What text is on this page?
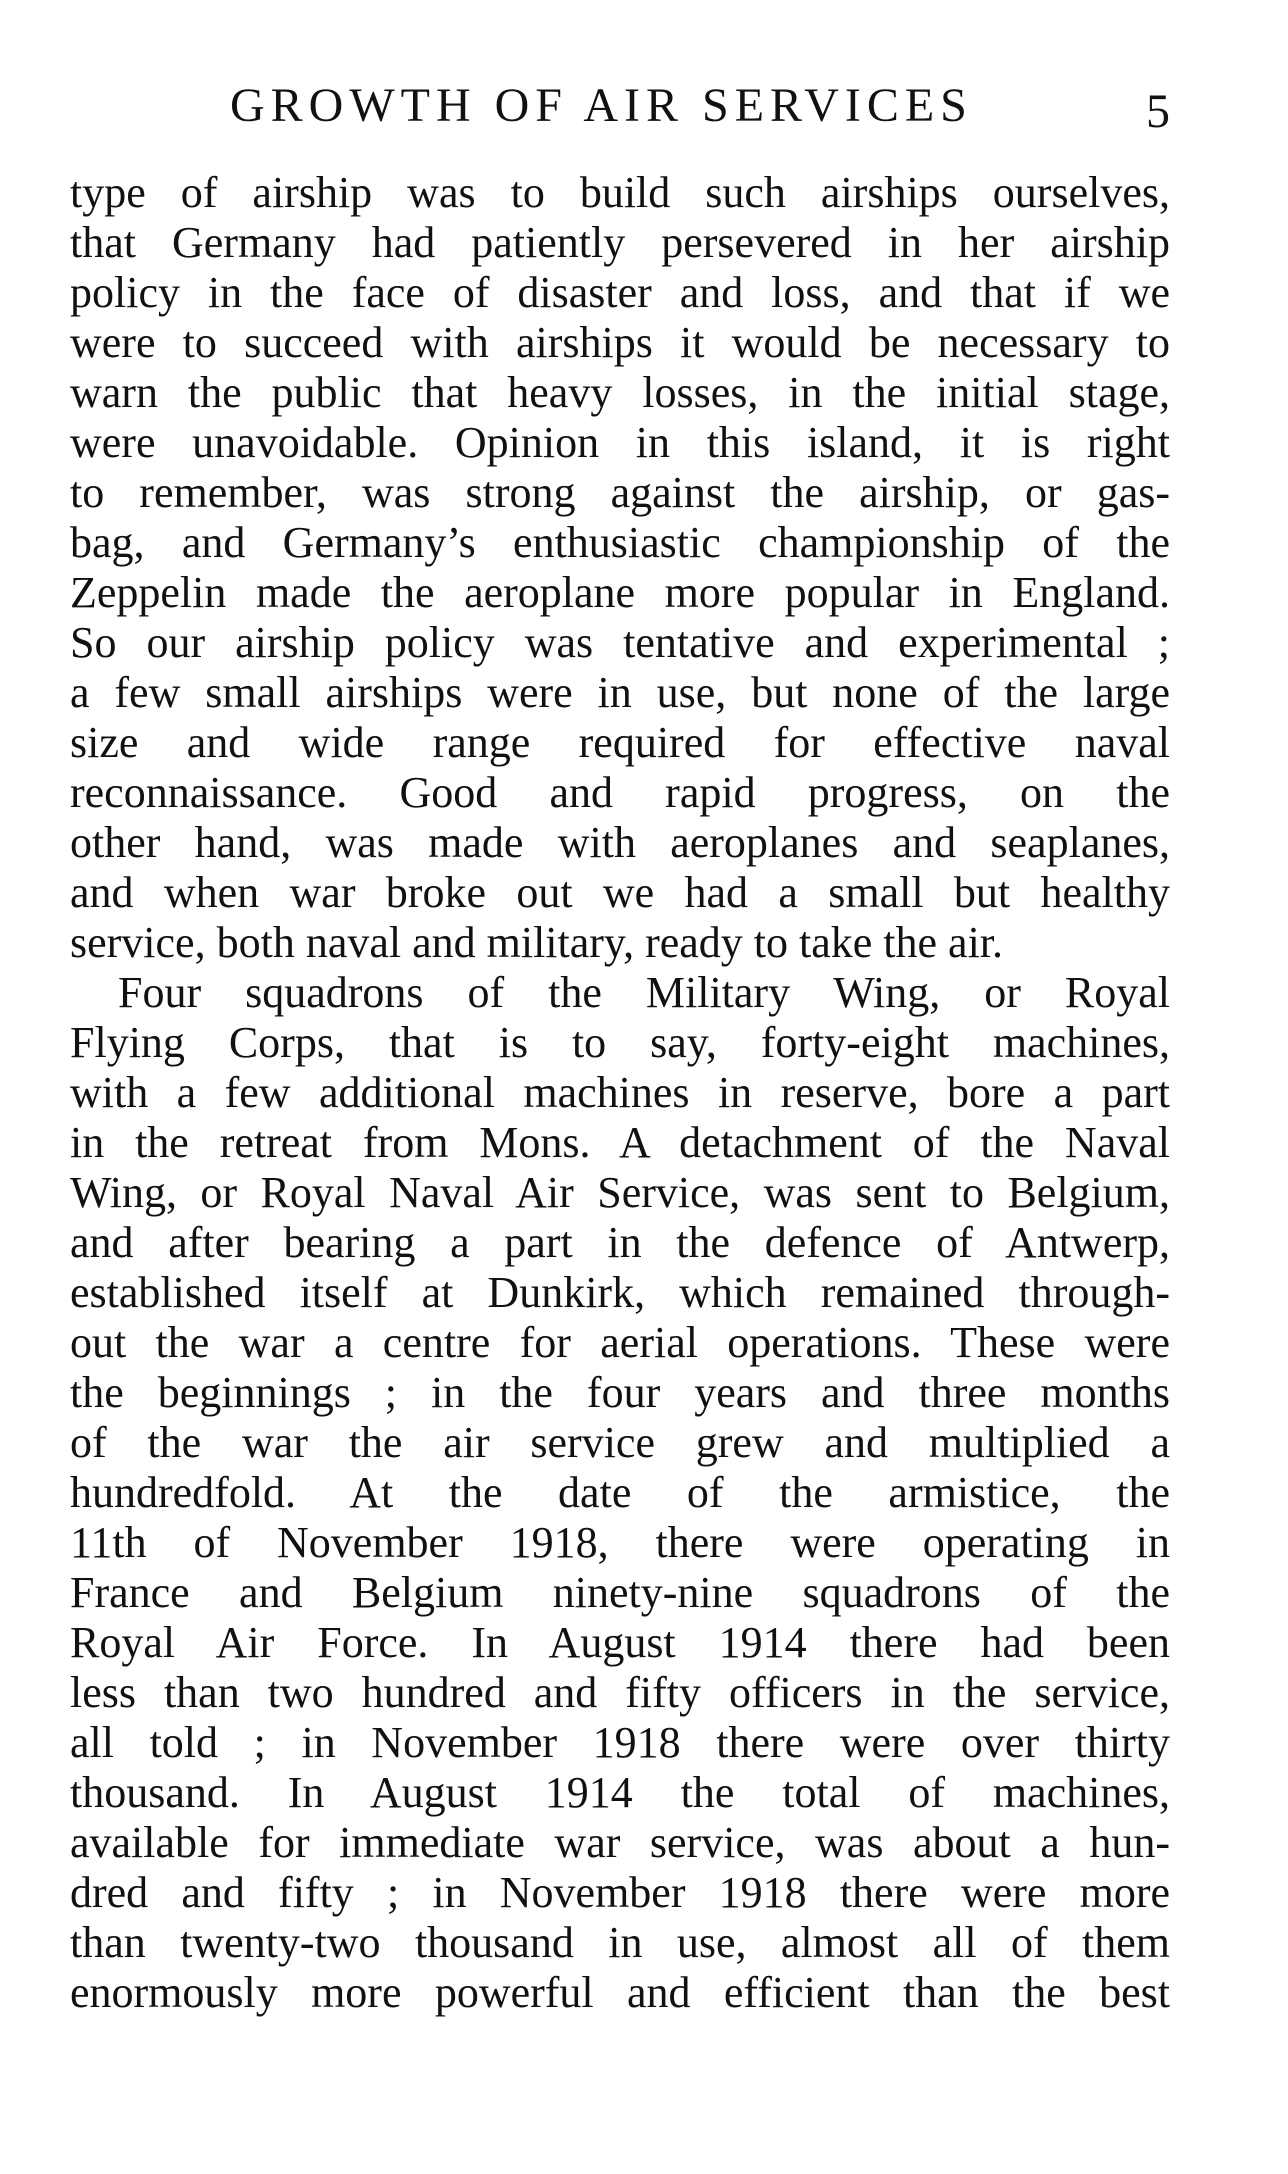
GROWTH OF AIR SERVICES	5
type of airship was to build such airships ourselves,
that Germany had patiently persevered in her airship
policy in the face of disaster and loss, and that if we
were to succeed with airships it would be necessary to
warn the public that heavy losses, in the initial stage,
were unavoidable. Opinion in this island, it is right
to remember, was strong against the airship, or gas-
bag, and Germany’s enthusiastic championship of the
Zeppelin made the aeroplane more popular in England.
So our airship policy was tentative and experimental ;
a few small airships were in use, but none of the large
size and wide range required for effective naval
reconnaissance. Good and rapid progress, on the
other hand, was made with aeroplanes and seaplanes,
and when war broke out we had a small but healthy
service, both naval and military, ready to take the air.
Four squadrons of the Military Wing, or Royal
Flying Corps, that is to say, forty-eight machines,
with a few additional machines in reserve, bore a part
in the retreat from Mons. A detachment of the Naval
Wing, or Royal Naval Air Service, was sent to Belgium,
and after bearing a part in the defence of Antwerp,
established itself at Dunkirk, which remained through-
out the war a centre for aerial operations. These were
the beginnings ; in the four years and three months
of the war the air service grew and multiplied a
hundredfold. At the date of the armistice, the
11th of November 1918, there were operating in
France and Belgium ninety-nine squadrons of the
Royal Air Force. In August 1914 there had been
less than two hundred and fifty officers in the service,
all told ; in November 1918 there were over thirty
thousand. In August 1914 the total of machines,
available for immediate war service, was about a hun-
dred and fifty ; in November 1918 there were more
than twenty-two thousand in use, almost all of them
enormously more powerful and efficient than the best
